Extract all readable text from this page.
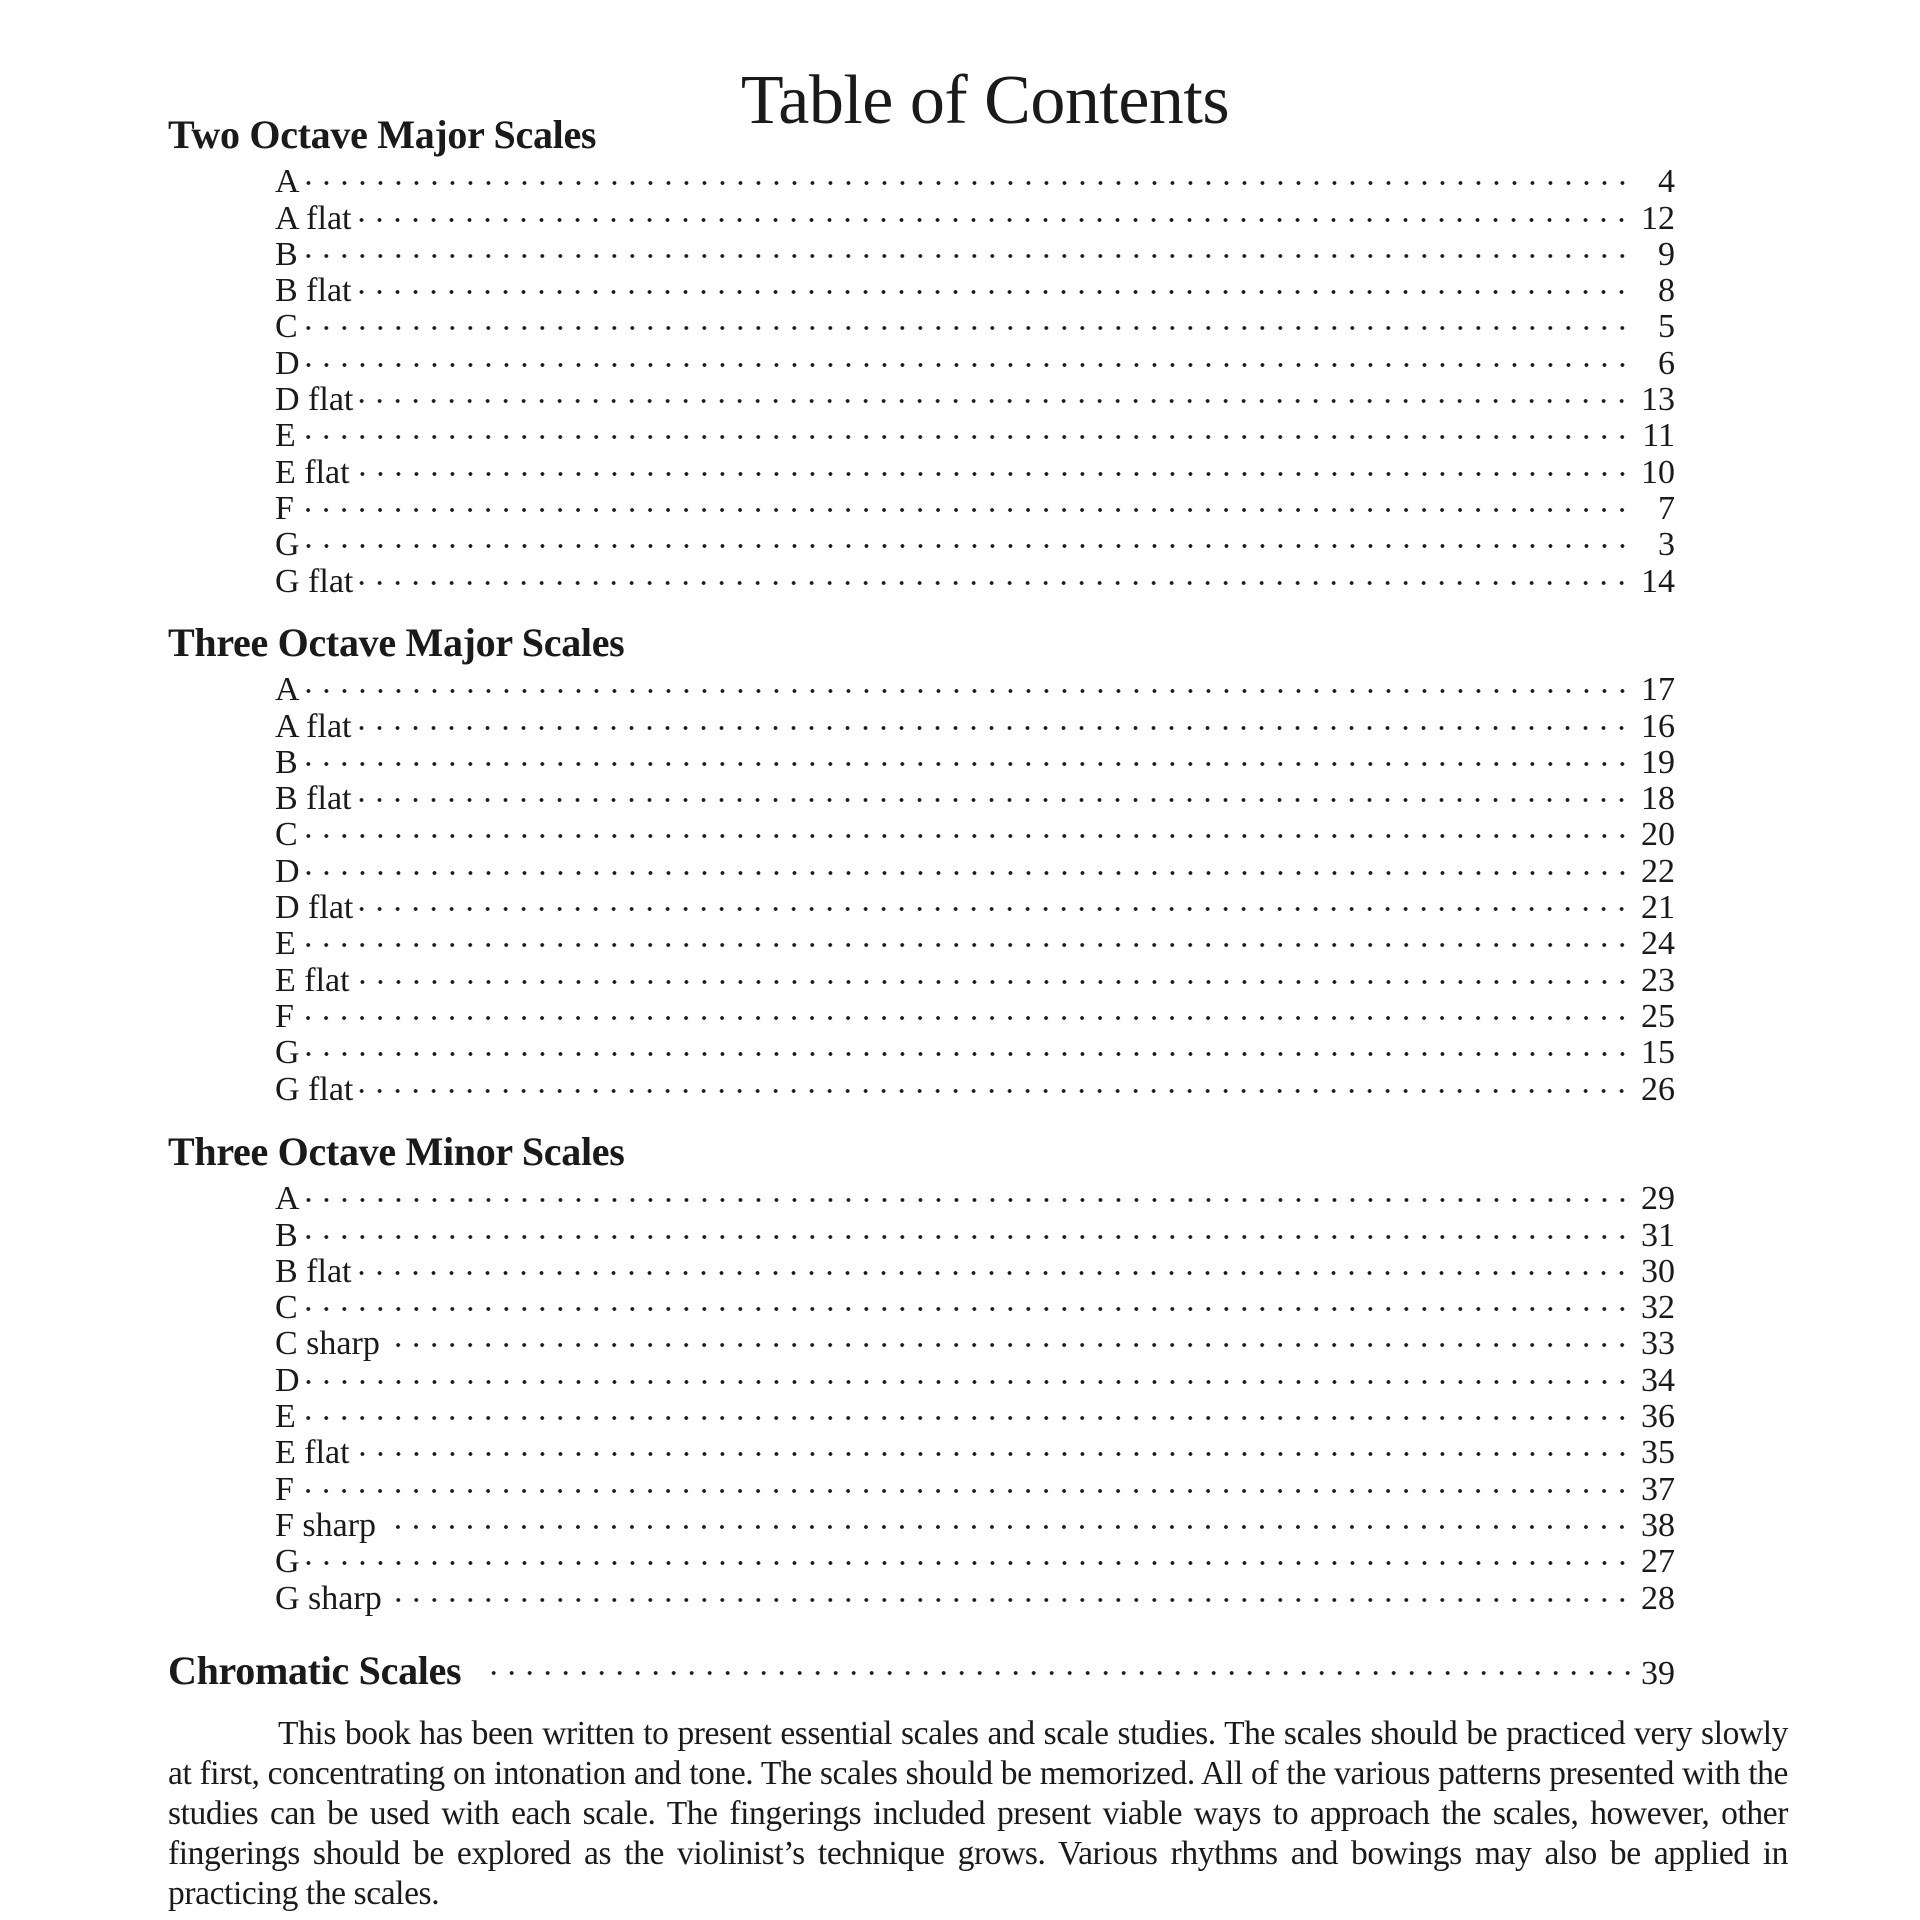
Table of Contents
Two Octave Major Scales
A	4
A flat	12
B	9
B flat	8
C	5
D	6
D flat	13
E	11
E flat	10
F	7
G	3
G flat	14
Three Octave Major Scales
A	17
A flat	16
B	19
B flat	18
C	20
D	22
D flat	21
E	24
E flat	23
F	25
G	15
G flat	26
Three Octave Minor Scales
A	29
B	31
B flat	30
C	32
C sharp	33
D	34
E	36
E flat	35
F	37
F sharp	38
G	27
G sharp	28
Chromatic Scales	39

This book has been written to present essential scales and scale studies. The scales should be practiced very slowly at first, concentrating on intonation and tone. The scales should be memorized. All of the various patterns presented with the studies can be used with each scale. The fingerings included present viable ways to approach the scales, however, other fingerings should be explored as the violinist’s technique grows. Various rhythms and bowings may also be applied in practicing the scales.
